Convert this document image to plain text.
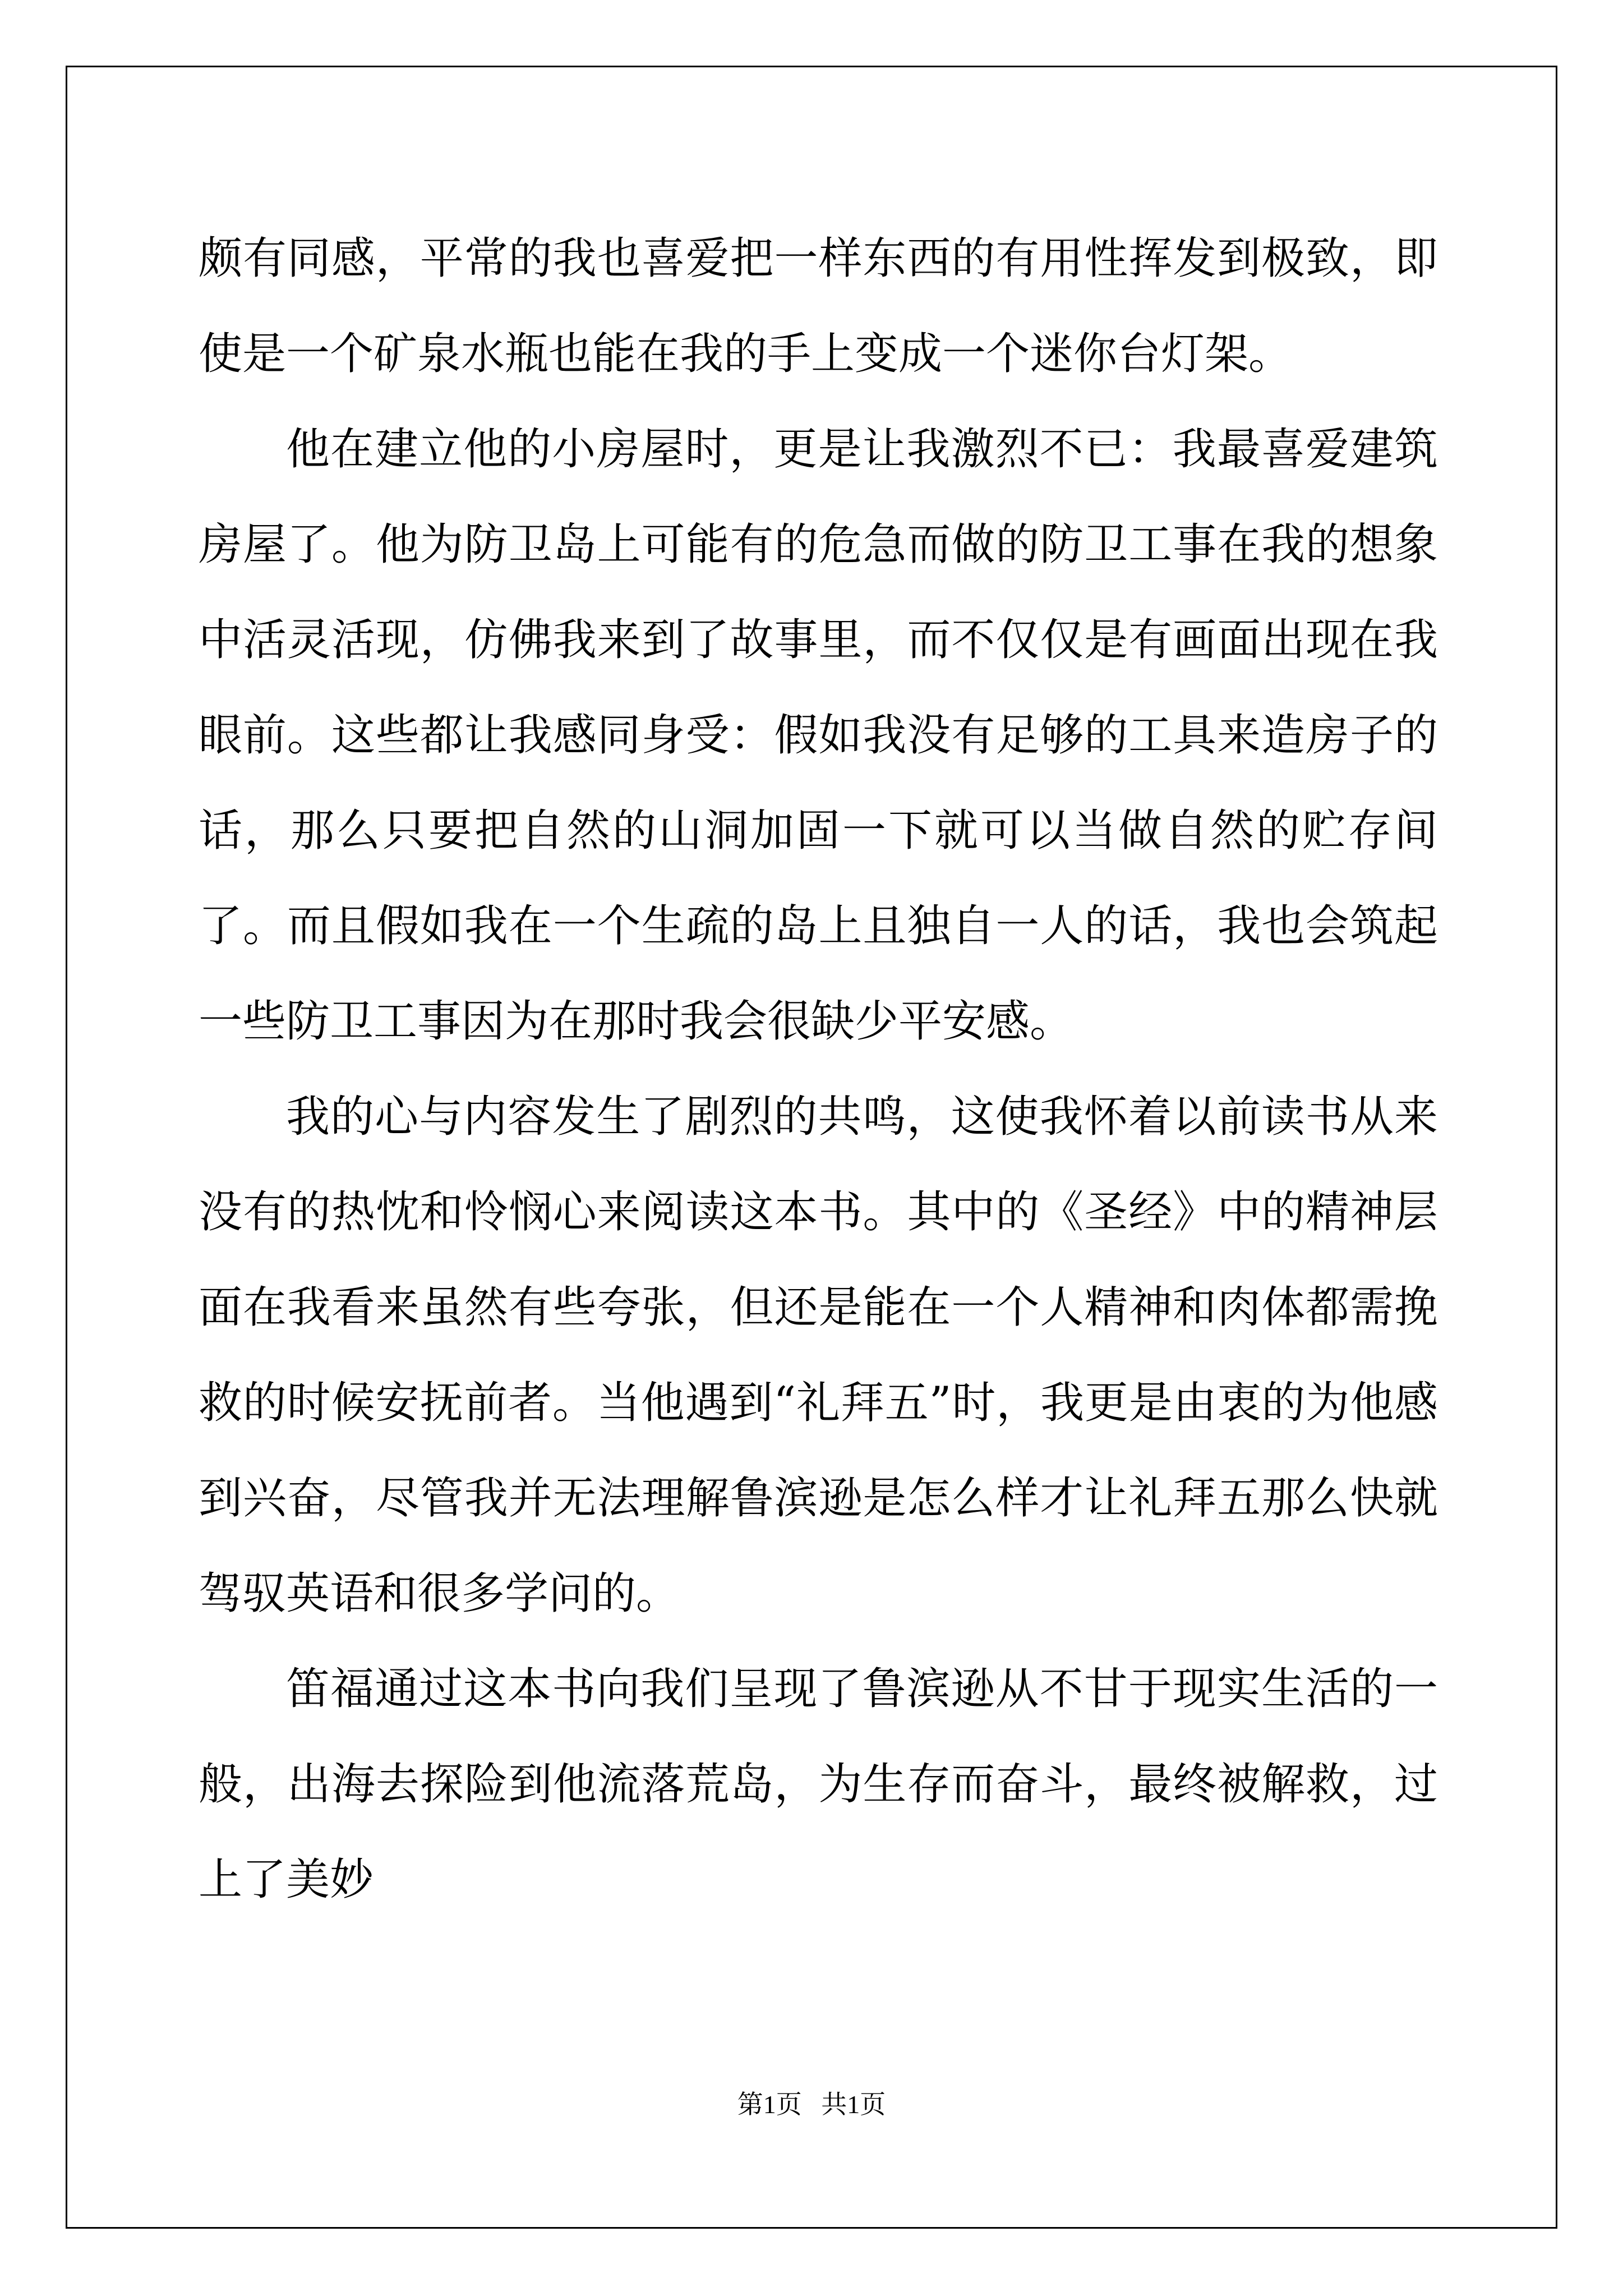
颇有同感，平常的我也喜爱把一样东西的有用性挥发到极致，即使是一个矿泉水瓶也能在我的手上变成一个迷你台灯架。

他在建立他的小房屋时，更是让我激烈不已：我最喜爱建筑房屋了。他为防卫岛上可能有的危急而做的防卫工事在我的想象中活灵活现，仿佛我来到了故事里，而不仅仅是有画面出现在我眼前。这些都让我感同身受：假如我没有足够的工具来造房子的话，那么只要把自然的山洞加固一下就可以当做自然的贮存间了。而且假如我在一个生疏的岛上且独自一人的话，我也会筑起一些防卫工事因为在那时我会很缺少平安感。

我的心与内容发生了剧烈的共鸣，这使我怀着以前读书从来没有的热忱和怜悯心来阅读这本书。其中的《圣经》中的精神层面在我看来虽然有些夸张，但还是能在一个人精神和肉体都需挽救的时候安抚前者。当他遇到“礼拜五”时，我更是由衷的为他感到兴奋，尽管我并无法理解鲁滨逊是怎么样才让礼拜五那么快就驾驭英语和很多学问的。

笛福通过这本书向我们呈现了鲁滨逊从不甘于现实生活的一般，出海去探险到他流落荒岛，为生存而奋斗，最终被解救，过上了美妙

第1页   共1页
